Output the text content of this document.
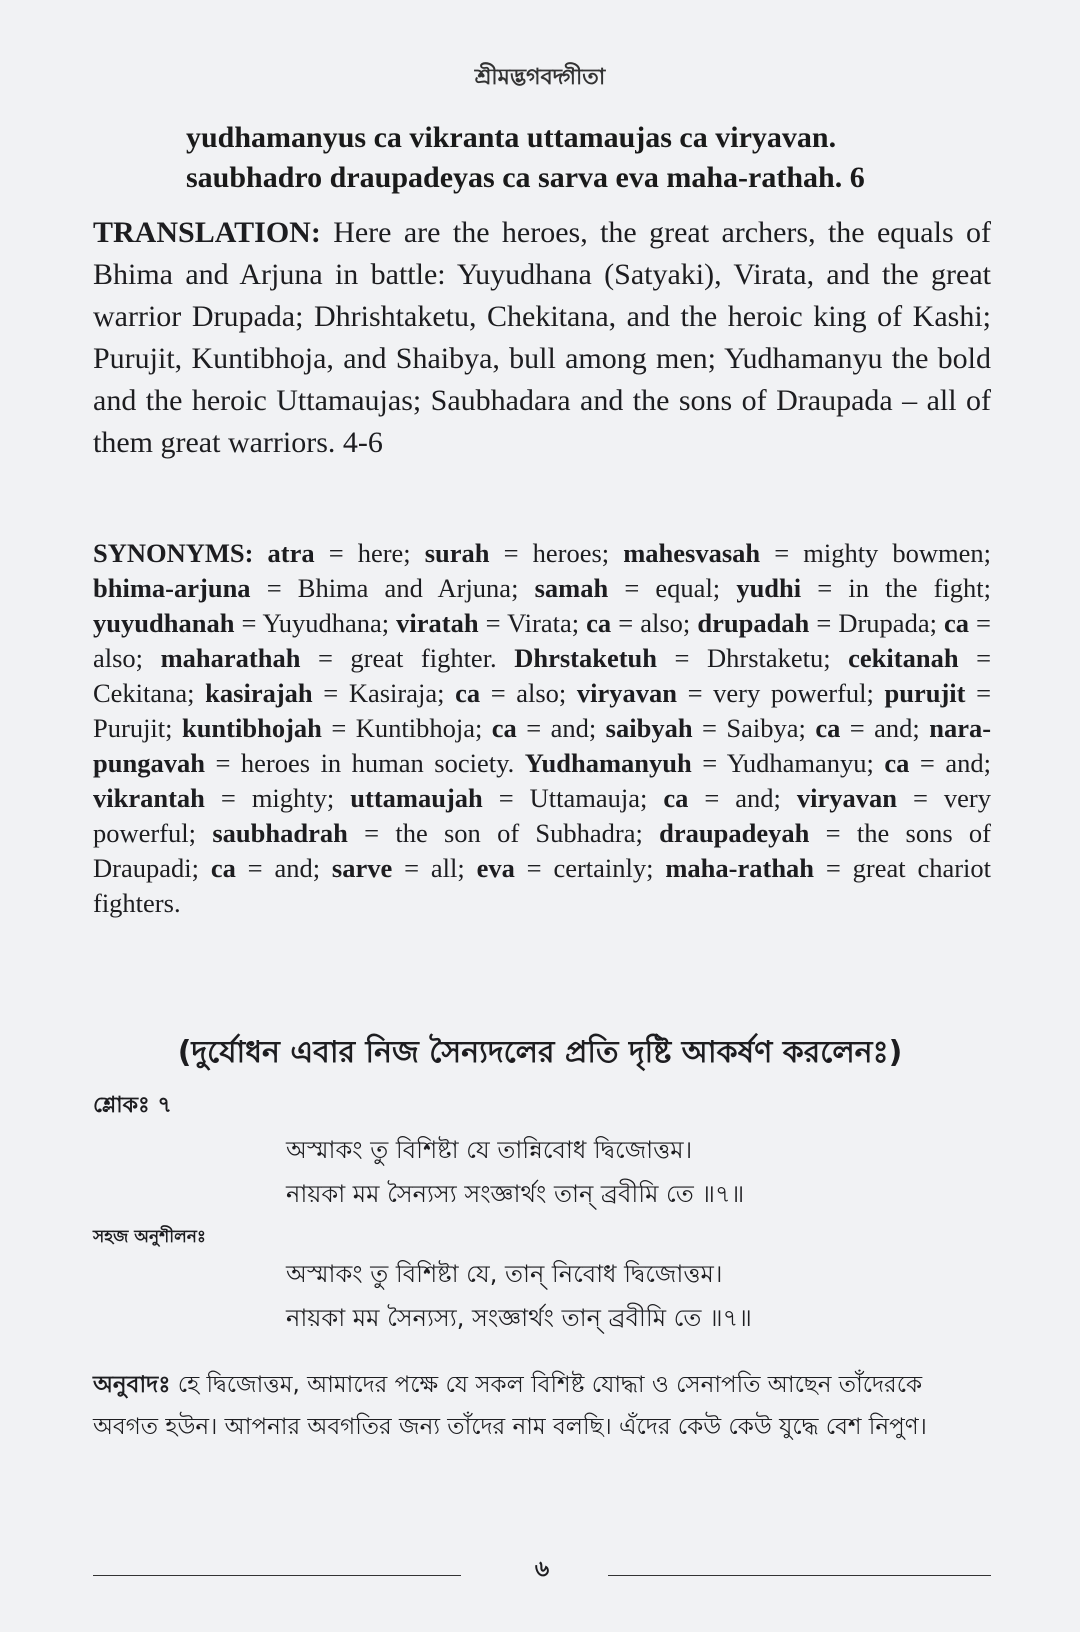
শ্রীমদ্ভগবদ্গীতা
yudhamanyus ca vikranta uttamaujas ca viryavan.
saubhadro draupadeyas ca sarva eva maha-rathah. 6
TRANSLATION: Here are the heroes, the great archers, the equals of Bhima and Arjuna in battle: Yuyudhana (Satyaki), Virata, and the great warrior Drupada; Dhrishtaketu, Chekitana, and the heroic king of Kashi; Purujit, Kuntibhoja, and Shaibya, bull among men; Yudhamanyu the bold and the heroic Uttamaujas; Saubhadara and the sons of Draupada – all of them great warriors. 4-6
SYNONYMS: atra = here; surah = heroes; mahesvasah = mighty bowmen; bhima-arjuna = Bhima and Arjuna; samah = equal; yudhi = in the fight; yuyudhanah = Yuyudhana; viratah = Virata; ca = also; drupadah = Drupada; ca = also; maharathah = great fighter. Dhrstaketuh = Dhrstaketu; cekitanah = Cekitana; kasirajah = Kasiraja; ca = also; viryavan = very powerful; purujit = Purujit; kuntibhojah = Kuntibhoja; ca = and; saibyah = Saibya; ca = and; nara-pungavah = heroes in human society. Yudhamanyuh = Yudhamanyu; ca = and; vikrantah = mighty; uttamaujah = Uttamauja; ca = and; viryavan = very powerful; saubhadrah = the son of Subhadra; draupadeyah = the sons of Draupadi; ca = and; sarve = all; eva = certainly; maha-rathah = great chariot fighters.
(দুর্যোধন এবার নিজ সৈন্যদলের প্রতি দৃষ্টি আকর্ষণ করলেনঃ)
শ্লোকঃ ৭
অস্মাকং তু বিশিষ্টা যে তান্নিবোধ দ্বিজোত্তম।
নায়কা মম সৈন্যস্য সংজ্ঞার্থং তান্ ব্রবীমি তে ॥৭॥
সহজ অনুশীলনঃ
অস্মাকং তু বিশিষ্টা যে, তান্ নিবোধ দ্বিজোত্তম।
নায়কা মম সৈন্যস্য, সংজ্ঞার্থং তান্ ব্রবীমি তে ॥৭॥
অনুবাদঃ হে দ্বিজোত্তম, আমাদের পক্ষে যে সকল বিশিষ্ট যোদ্ধা ও সেনাপতি আছেন তাঁদেরকে অবগত হউন। আপনার অবগতির জন্য তাঁদের নাম বলছি। এঁদের কেউ কেউ যুদ্ধে বেশ নিপুণ।
৬
